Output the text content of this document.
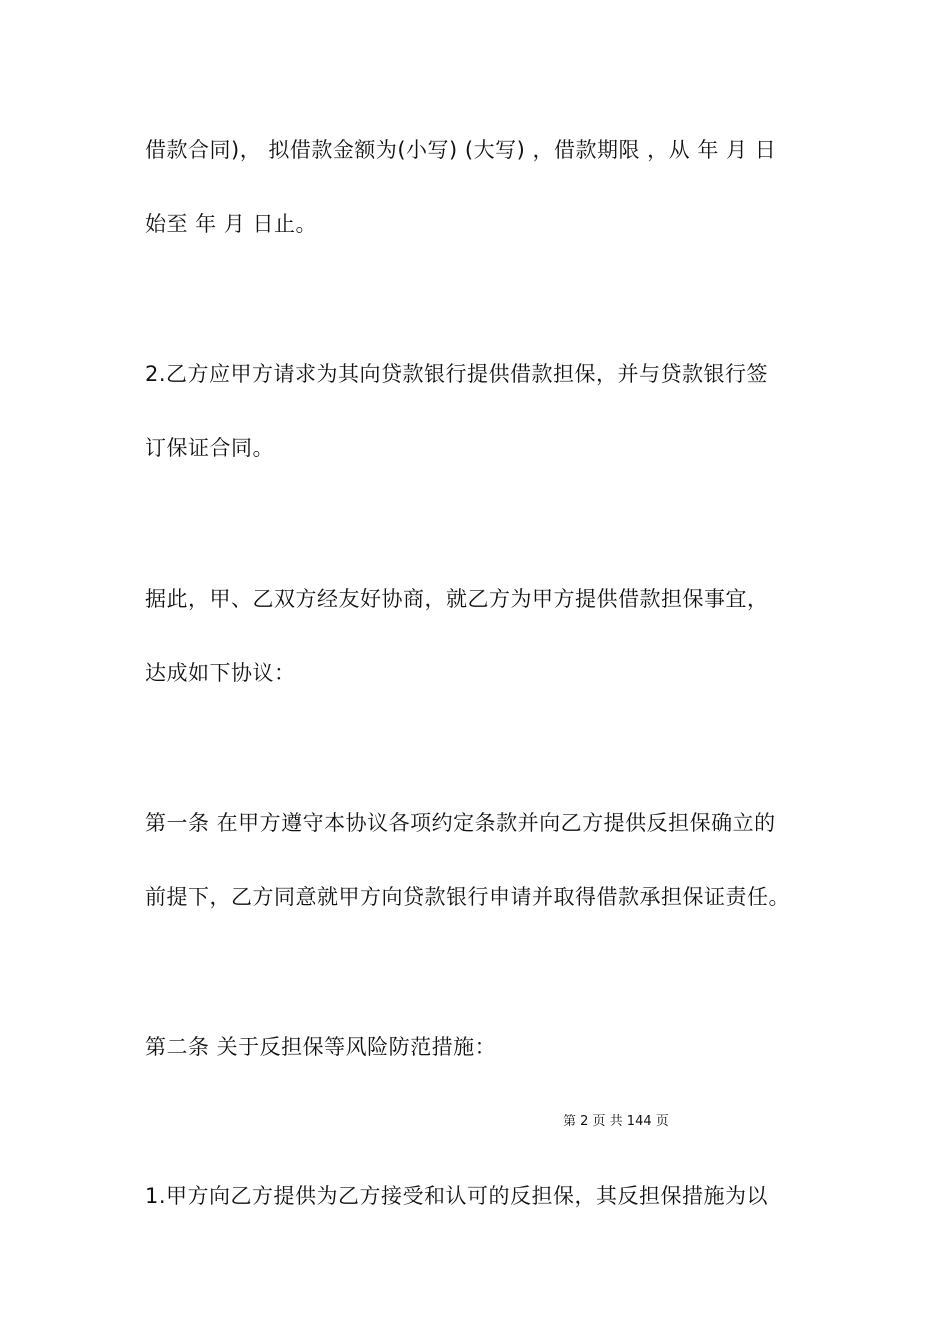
借款合同)， 拟借款金额为(小写) (大写) ，借款期限 ，从 年 月 日
始至 年 月 日止。
2.乙方应甲方请求为其向贷款银行提供借款担保，并与贷款银行签
订保证合同。
据此，甲、乙双方经友好协商，就乙方为甲方提供借款担保事宜，
达成如下协议：
第一条 在甲方遵守本协议各项约定条款并向乙方提供反担保确立的
前提下，乙方同意就甲方向贷款银行申请并取得借款承担保证责任。
第二条 关于反担保等风险防范措施：
第 2 页 共 144 页
1.甲方向乙方提供为乙方接受和认可的反担保，其反担保措施为以
